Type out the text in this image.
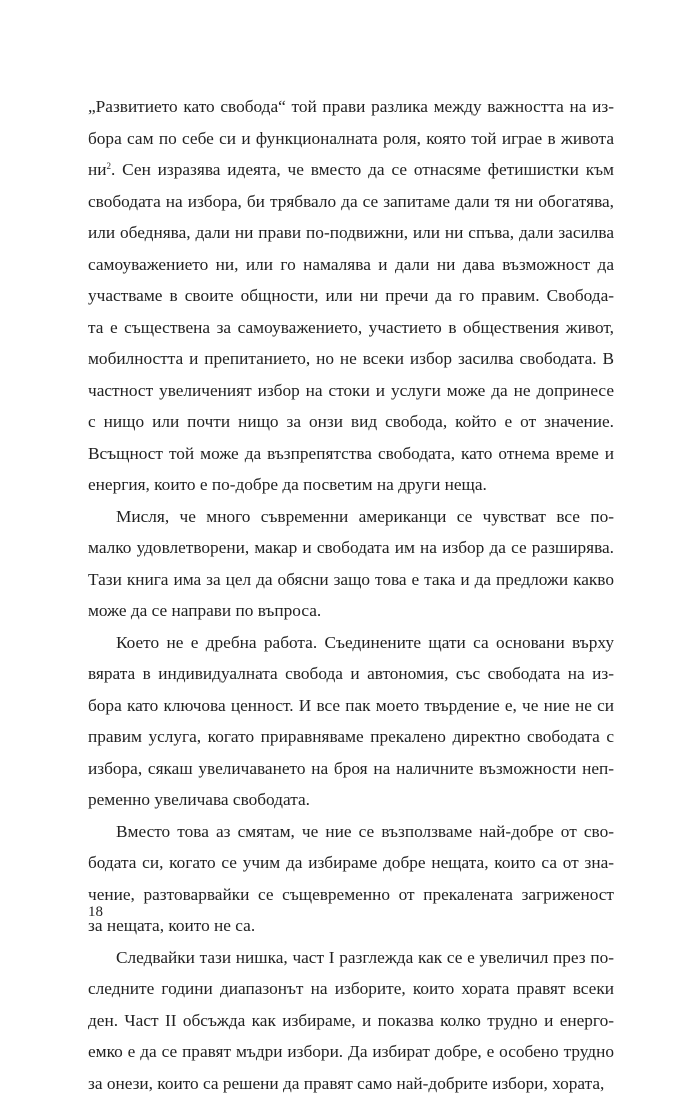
„Развитието като свобода“ той прави разлика между важността на из-
бора сам по себе си и функционалната роля, която той играе в живота
$ни^2$. Сен изразява идеята, че вместо да се отнасяме фетишистки към
свободата на избора, би трябвало да се запитаме дали тя ни обогатява,
или обеднява, дали ни прави по-подвижни, или ни спъва, дали засилва
самоуважението ни, или го намалява и дали ни дава възможност да
участваме в своите общности, или ни пречи да го правим. Свобода-
та е съществена за самоуважението, участието в обществения живот,
мобилността и препитанието, но не всеки избор засилва свободата. В
частност увеличеният избор на стоки и услуги може да не допринесе
с нищо или почти нищо за онзи вид свобода, който е от значение.
Всъщност той може да възпрепятства свободата, като отнема време и
енергия, които е по-добре да посветим на други неща.
Мисля, че много съвременни американци се чувстват все по-
малко удовлетворени, макар и свободата им на избор да се разширява.
Тази книга има за цел да обясни защо това е така и да предложи какво
може да се направи по въпроса.
Което не е дребна работа. Съединените щати са основани върху
вярата в индивидуалната свобода и автономия, със свободата на из-
бора като ключова ценност. И все пак моето твърдение е, че ние не си
правим услуга, когато приравняваме прекалено директно свободата с
избора, сякаш увеличаването на броя на наличните възможности неп-
ременно увеличава свободата.
Вместо това аз смятам, че ние се възползваме най-добре от сво-
бодата си, когато се учим да избираме добре нещата, които са от зна-
чение, разтоварвайки се същевременно от прекалената загриженост
за нещата, които не са.
Следвайки тази нишка, част I разглежда как се е увеличил през по-
следните години диапазонът на изборите, които хората правят всеки
ден. Част II обсъжда как избираме, и показва колко трудно и енерго-
емко е да се правят мъдри избори. Да избират добре, е особено трудно
за онези, които са решени да правят само най-добрите избори, хората,
18
